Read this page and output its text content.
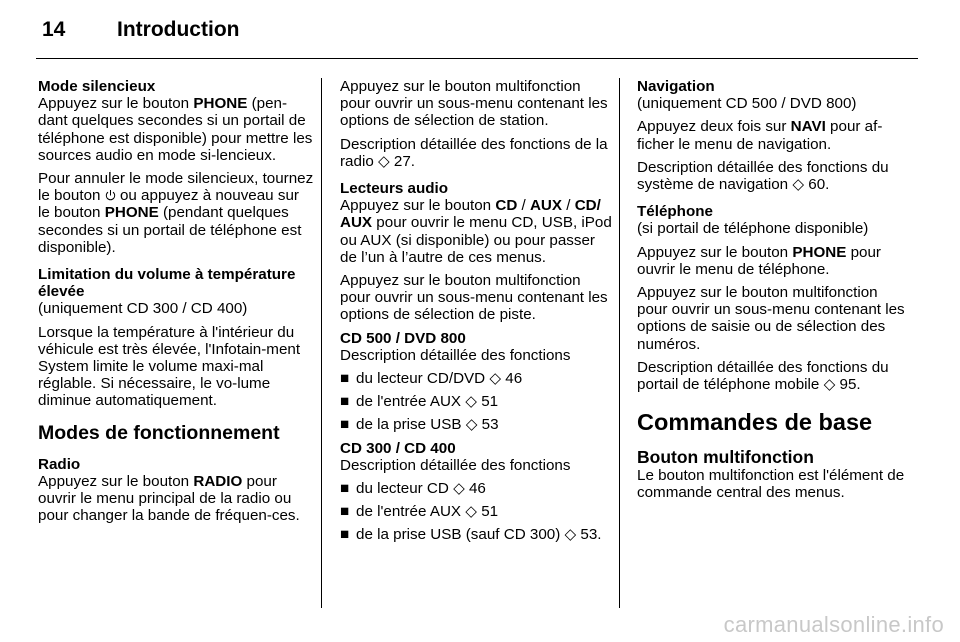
14 Introduction
Mode silencieux
Appuyez sur le bouton PHONE (pen-dant quelques secondes si un portail de téléphone est disponible) pour mettre les sources audio en mode si-lencieux.
Pour annuler le mode silencieux, tournez le bouton  ou appuyez à nouveau sur le bouton PHONE (pendant quelques secondes si un portail de téléphone est disponible).
Limitation du volume à température élevée
(uniquement CD 300 / CD 400)
Lorsque la température à l'intérieur du véhicule est très élevée, l'Infotain-ment System limite le volume maxi-mal réglable. Si nécessaire, le vo-lume diminue automatiquement.
Modes de fonctionnement
Radio
Appuyez sur le bouton RADIO pour ouvrir le menu principal de la radio ou pour changer la bande de fréquen-ces.
Appuyez sur le bouton multifonction pour ouvrir un sous-menu contenant les options de sélection de station.
Description détaillée des fonctions de la radio ◇ 27.
Lecteurs audio
Appuyez sur le bouton CD / AUX / CD/ AUX pour ouvrir le menu CD, USB, iPod ou AUX (si disponible) ou pour passer de l’un à l’autre de ces menus.
Appuyez sur le bouton multifonction pour ouvrir un sous-menu contenant les options de sélection de piste.
CD 500 / DVD 800
Description détaillée des fonctions
■ du lecteur CD/DVD ◇ 46
■ de l'entrée AUX ◇ 51
■ de la prise USB ◇ 53
CD 300 / CD 400
Description détaillée des fonctions
■ du lecteur CD ◇ 46
■ de l'entrée AUX ◇ 51
■ de la prise USB (sauf CD 300) ◇ 53.
Navigation
(uniquement CD 500 / DVD 800)
Appuyez deux fois sur NAVI pour af-ficher le menu de navigation.
Description détaillée des fonctions du système de navigation ◇ 60.
Téléphone
(si portail de téléphone disponible)
Appuyez sur le bouton PHONE pour ouvrir le menu de téléphone.
Appuyez sur le bouton multifonction pour ouvrir un sous-menu contenant les options de saisie ou de sélection des numéros.
Description détaillée des fonctions du portail de téléphone mobile ◇ 95.
Commandes de base
Bouton multifonction
Le bouton multifonction est l'élément de commande central des menus.
carmanualsonline.info
